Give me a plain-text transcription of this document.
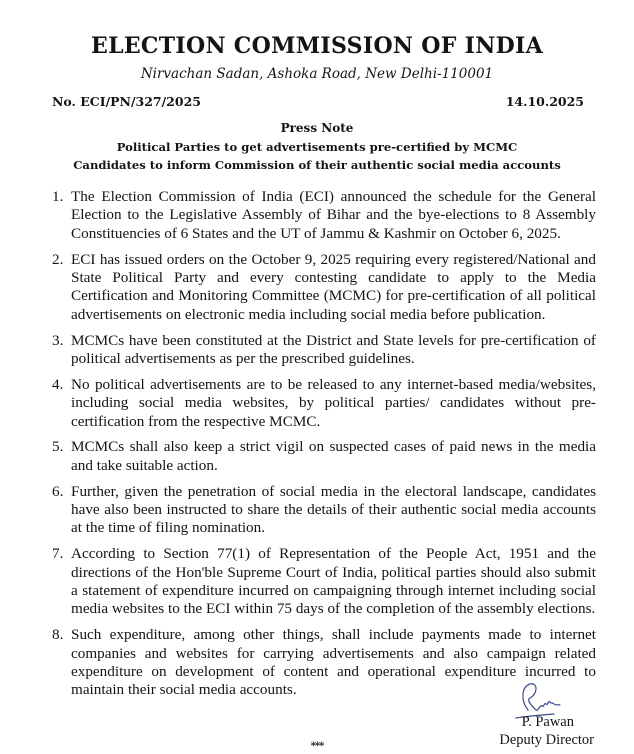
ELECTION COMMISSION OF INDIA
Nirvachan Sadan, Ashoka Road, New Delhi-110001
No. ECI/PN/327/2025	14.10.2025
Press Note
Political Parties to get advertisements pre-certified by MCMC
Candidates to inform Commission of their authentic social media accounts
1. The Election Commission of India (ECI) announced the schedule for the General Election to the Legislative Assembly of Bihar and the bye-elections to 8 Assembly Constituencies of 6 States and the UT of Jammu & Kashmir on October 6, 2025.
2. ECI has issued orders on the October 9, 2025 requiring every registered/National and State Political Party and every contesting candidate to apply to the Media Certification and Monitoring Committee (MCMC) for pre-certification of all political advertisements on electronic media including social media before publication.
3. MCMCs have been constituted at the District and State levels for pre-certification of political advertisements as per the prescribed guidelines.
4. No political advertisements are to be released to any internet-based media/websites, including social media websites, by political parties/ candidates without pre-certification from the respective MCMC.
5. MCMCs shall also keep a strict vigil on suspected cases of paid news in the media and take suitable action.
6. Further, given the penetration of social media in the electoral landscape, candidates have also been instructed to share the details of their authentic social media accounts at the time of filing nomination.
7. According to Section 77(1) of Representation of the People Act, 1951 and the directions of the Hon'ble Supreme Court of India, political parties should also submit a statement of expenditure incurred on campaigning through internet including social media websites to the ECI within 75 days of the completion of the assembly elections.
8. Such expenditure, among other things, shall include payments made to internet companies and websites for carrying advertisements and also campaign related expenditure on development of content and operational expenditure incurred to maintain their social media accounts.
P. Pawan
Deputy Director
***
